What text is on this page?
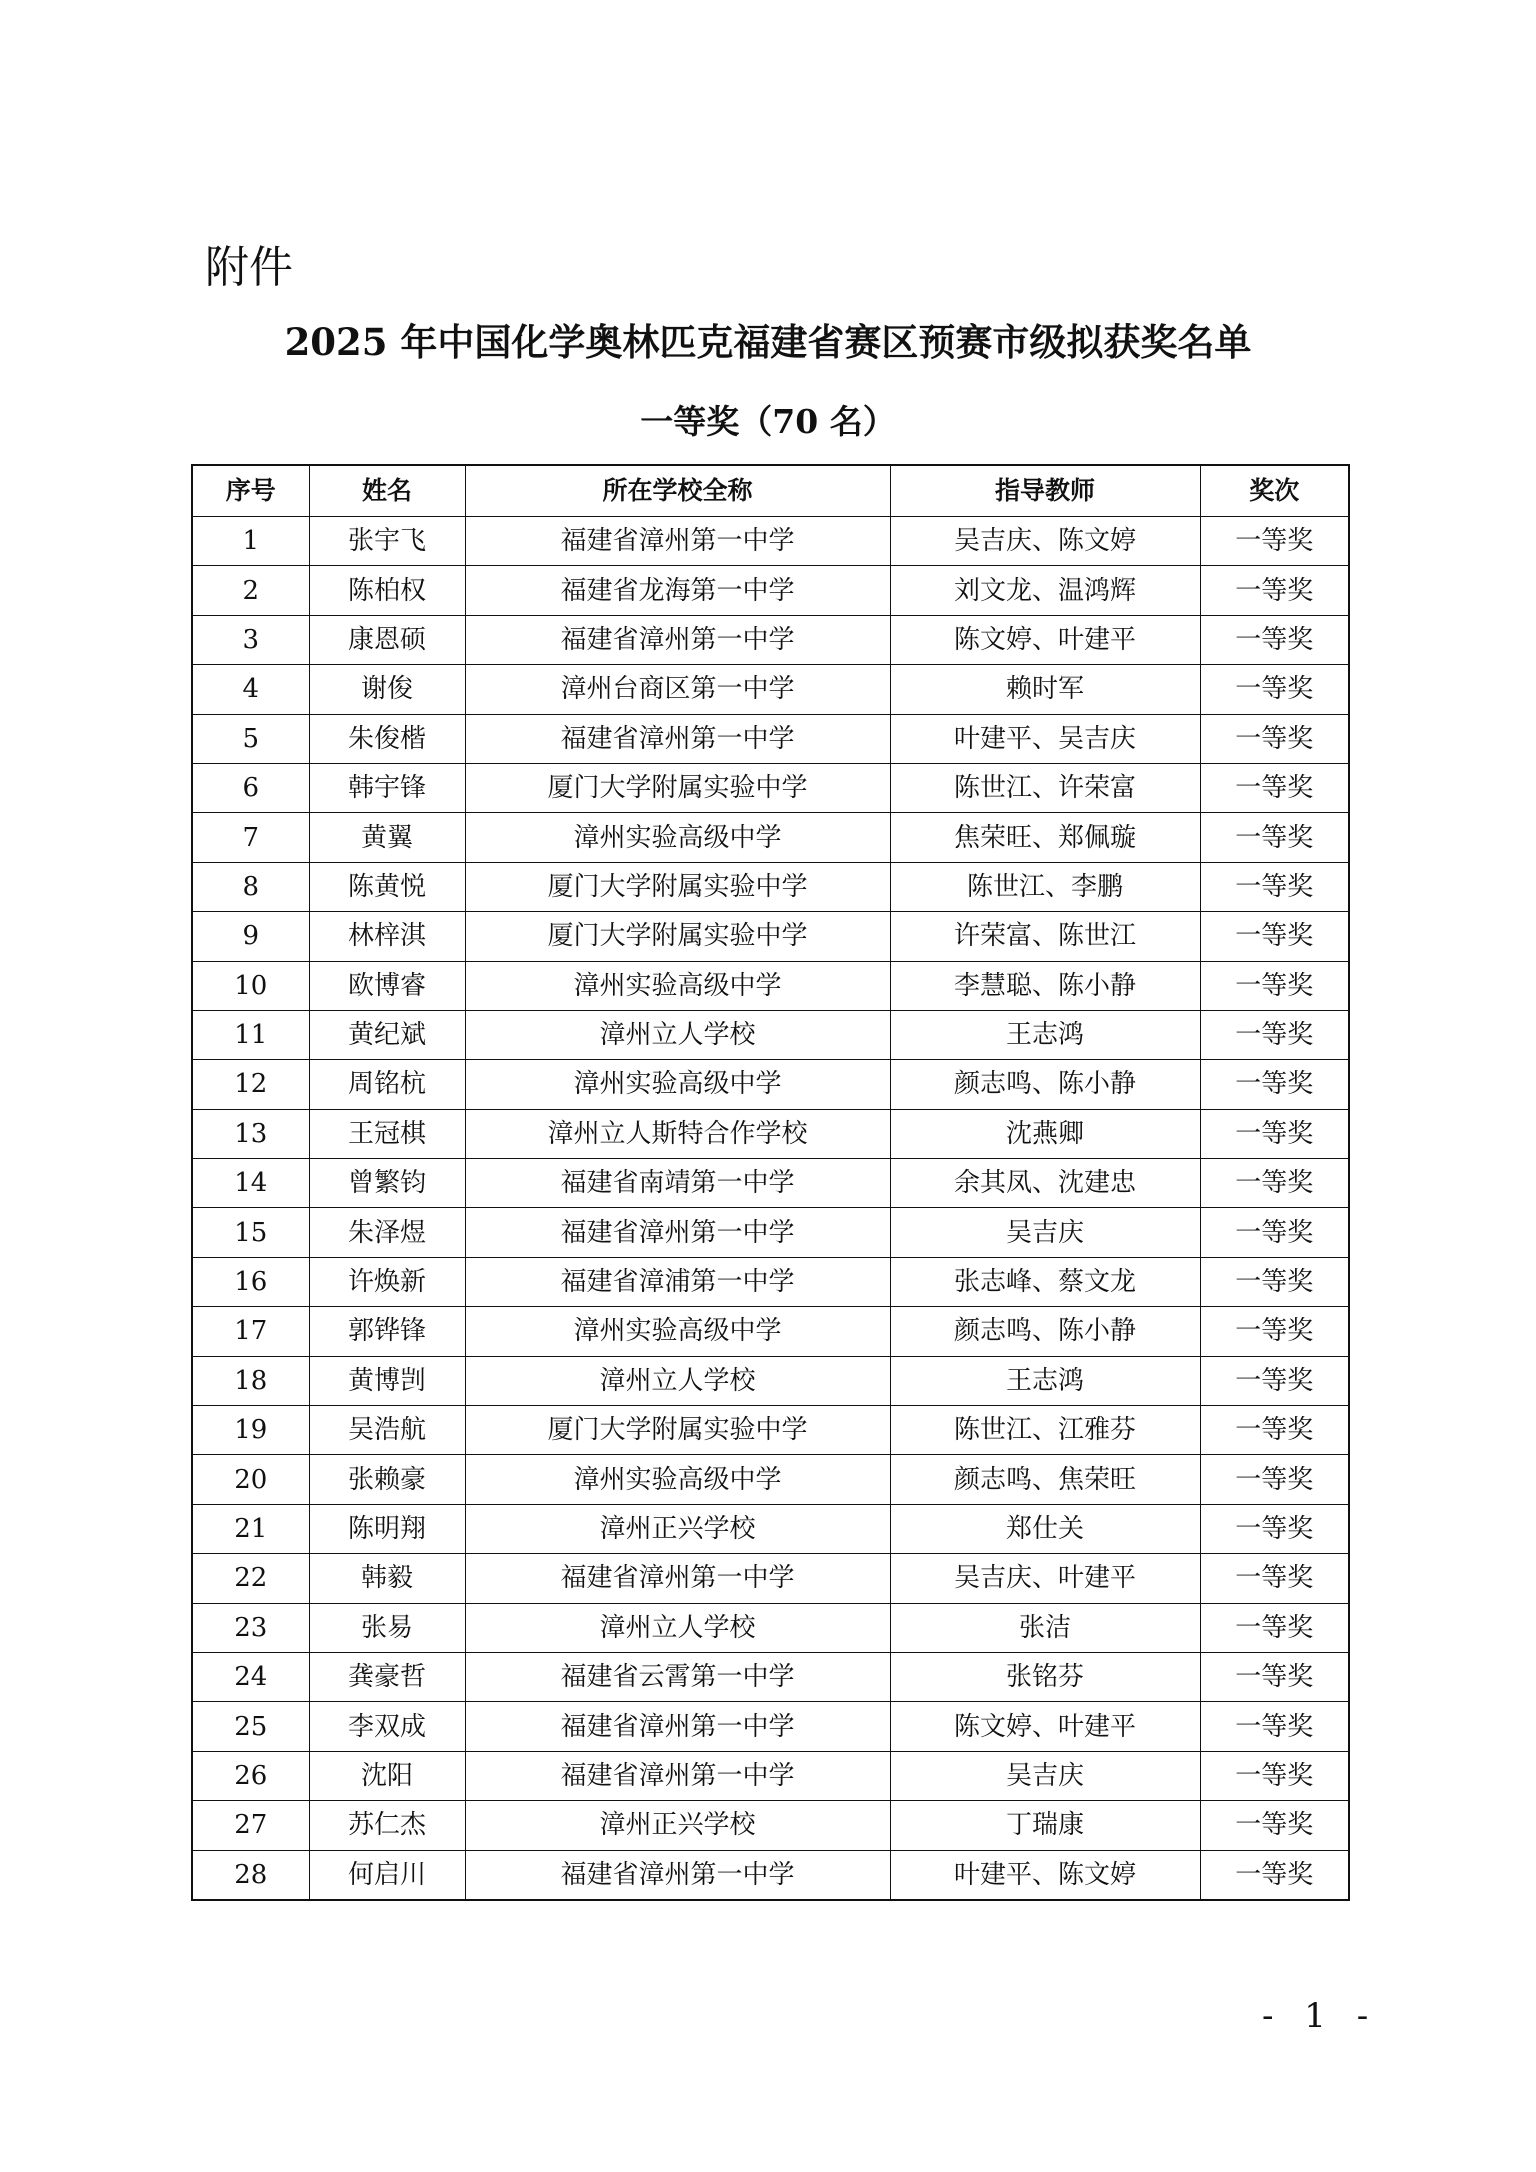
附件
2025 年中国化学奥林匹克福建省赛区预赛市级拟获奖名单
一等奖（70 名）
序号	姓名	所在学校全称	指导教师	奖次
1	张宇飞	福建省漳州第一中学	吴吉庆、陈文婷	一等奖
2	陈柏权	福建省龙海第一中学	刘文龙、温鸿辉	一等奖
3	康恩硕	福建省漳州第一中学	陈文婷、叶建平	一等奖
4	谢俊	漳州台商区第一中学	赖时军	一等奖
5	朱俊楷	福建省漳州第一中学	叶建平、吴吉庆	一等奖
6	韩宇锋	厦门大学附属实验中学	陈世江、许荣富	一等奖
7	黄翼	漳州实验高级中学	焦荣旺、郑佩璇	一等奖
8	陈黄悦	厦门大学附属实验中学	陈世江、李鹏	一等奖
9	林梓淇	厦门大学附属实验中学	许荣富、陈世江	一等奖
10	欧博睿	漳州实验高级中学	李慧聪、陈小静	一等奖
11	黄纪斌	漳州立人学校	王志鸿	一等奖
12	周铭杭	漳州实验高级中学	颜志鸣、陈小静	一等奖
13	王冠棋	漳州立人斯特合作学校	沈燕卿	一等奖
14	曾繁钧	福建省南靖第一中学	余其凤、沈建忠	一等奖
15	朱泽煜	福建省漳州第一中学	吴吉庆	一等奖
16	许焕新	福建省漳浦第一中学	张志峰、蔡文龙	一等奖
17	郭铧锋	漳州实验高级中学	颜志鸣、陈小静	一等奖
18	黄博剀	漳州立人学校	王志鸿	一等奖
19	吴浩航	厦门大学附属实验中学	陈世江、江雅芬	一等奖
20	张赖豪	漳州实验高级中学	颜志鸣、焦荣旺	一等奖
21	陈明翔	漳州正兴学校	郑仕关	一等奖
22	韩毅	福建省漳州第一中学	吴吉庆、叶建平	一等奖
23	张易	漳州立人学校	张洁	一等奖
24	龚豪哲	福建省云霄第一中学	张铭芬	一等奖
25	李双成	福建省漳州第一中学	陈文婷、叶建平	一等奖
26	沈阳	福建省漳州第一中学	吴吉庆	一等奖
27	苏仁杰	漳州正兴学校	丁瑞康	一等奖
28	何启川	福建省漳州第一中学	叶建平、陈文婷	一等奖
- 1 -
